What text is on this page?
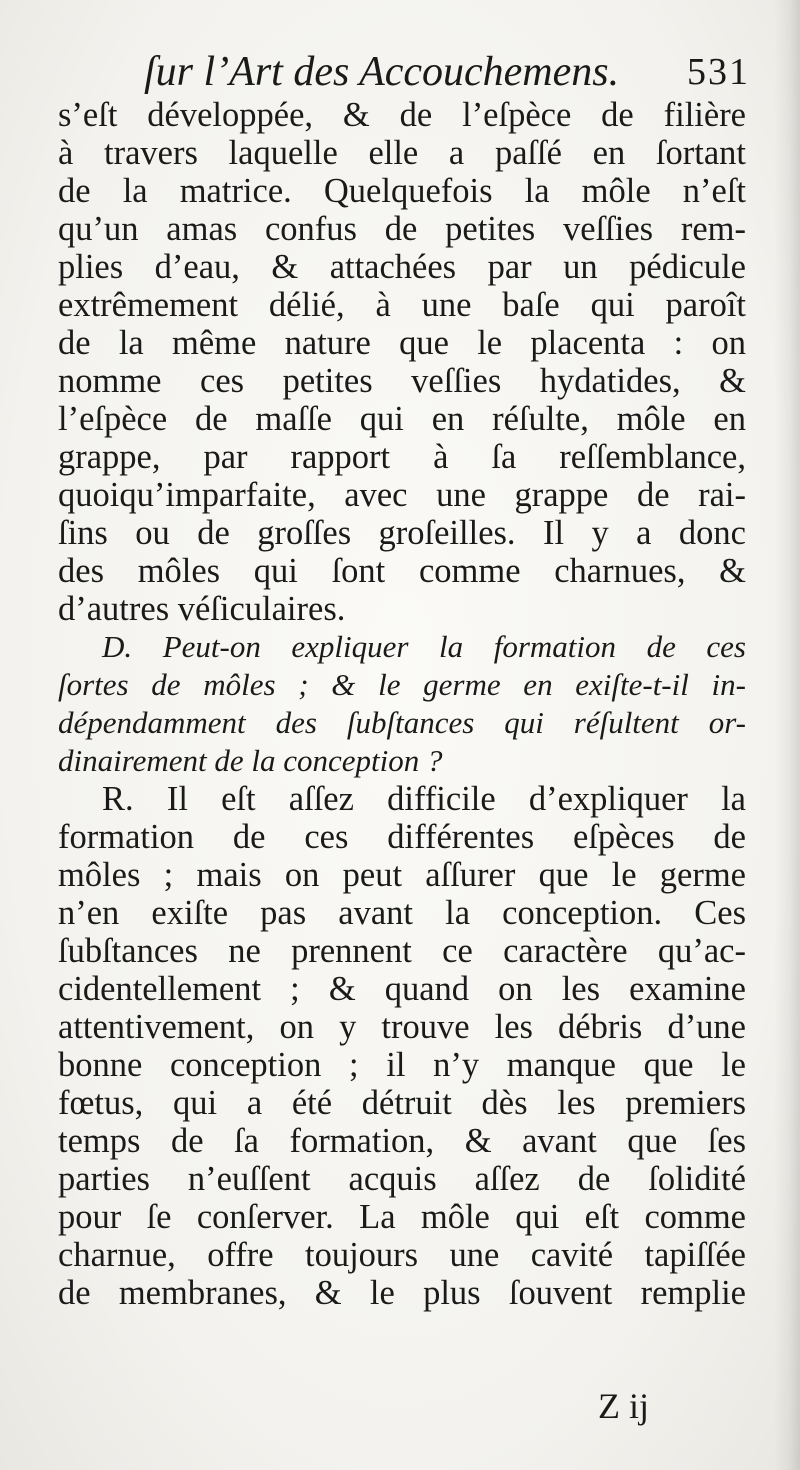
ſur l’Art des Accouchemens. 531
s’eſt développée, & de l’eſpèce de filière
à travers laquelle elle a paſſé en ſortant
de la matrice. Quelquefois la môle n’eſt
qu’un amas confus de petites veſſies rem-
plies d’eau, & attachées par un pédicule
extrêmement délié, à une baſe qui paroît
de la même nature que le placenta : on
nomme ces petites veſſies hydatides, &
l’eſpèce de maſſe qui en réſulte, môle en
grappe, par rapport à ſa reſſemblance,
quoiqu’imparfaite, avec une grappe de rai-
ſins ou de groſſes groſeilles. Il y a donc
des môles qui ſont comme charnues, &
d’autres véſiculaires.
D. Peut-on expliquer la formation de ces
ſortes de môles ; & le germe en exiſte-t-il in-
dépendamment des ſubſtances qui réſultent or-
dinairement de la conception ?
R. Il eſt aſſez difficile d’expliquer la
formation de ces différentes eſpèces de
môles ; mais on peut aſſurer que le germe
n’en exiſte pas avant la conception. Ces
ſubſtances ne prennent ce caractère qu’ac-
cidentellement ; & quand on les examine
attentivement, on y trouve les débris d’une
bonne conception ; il n’y manque que le
fœtus, qui a été détruit dès les premiers
temps de ſa formation, & avant que ſes
parties n’euſſent acquis aſſez de ſolidité
pour ſe conſerver. La môle qui eſt comme
charnue, offre toujours une cavité tapiſſée
de membranes, & le plus ſouvent remplie
Z ij
